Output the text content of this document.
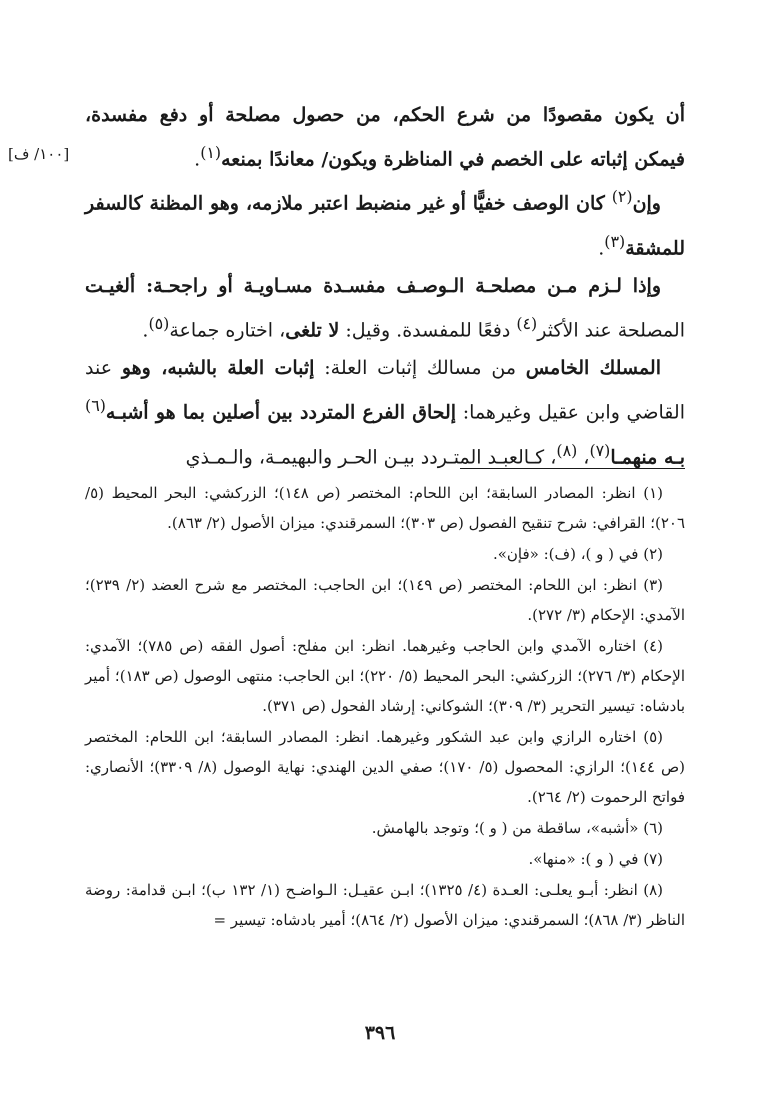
[١٠٠/ ف]

أن يكون مقصودًا من شرع الحكم، من حصول مصلحة أو دفع مفسدة، فيمكن إثباته على الخصم في المناظرة ويكون/ معاندًا بمنعه$^{(١)}$.

وإن$^{(٢)}$ كان الوصف خفيًّا أو غير منضبط اعتبر ملازمه، وهو المظنة كالسفر للمشقة$^{(٣)}$.

وإذا لـزم مـن مصلحـة الـوصـف مفسـدة مسـاويـة أو راجحـة: ألغيـت المصلحة عند الأكثر$^{(٤)}$ دفعًا للمفسدة. وقيل: لا تلغى، اختاره جماعة$^{(٥)}$.

المسلك الخامس من مسالك إثبات العلة: إثبات العلة بالشبه، وهو عند القاضي وابن عقيل وغيرهما: إلحاق الفرع المتردد بين أصلين بما هو أشبـه$^{(٦)}$ بـه منهمـا$^{(٧)}$، $^{(٨)}$، كـالعبـد المتـردد بيـن الحـر والبهيمـة، والـمـذي

(١) انظر: المصادر السابقة؛ ابن اللحام: المختصر (ص ١٤٨)؛ الزركشي: البحر المحيط (٥/ ٢٠٦)؛ القرافي: شرح تنقيح الفصول (ص ٣٠٣)؛ السمرقندي: ميزان الأصول (٢/ ٨٦٣).

(٢) في ( و )، (ف): «فإن».

(٣) انظر: ابن اللحام: المختصر (ص ١٤٩)؛ ابن الحاجب: المختصر مع شرح العضد (٢/ ٢٣٩)؛ الآمدي: الإحكام (٣/ ٢٧٢).

(٤) اختاره الآمدي وابن الحاجب وغيرهما. انظر: ابن مفلح: أصول الفقه (ص ٧٨٥)؛ الآمدي: الإحكام (٣/ ٢٧٦)؛ الزركشي: البحر المحيط (٥/ ٢٢٠)؛ ابن الحاجب: منتهى الوصول (ص ١٨٣)؛ أمير بادشاه: تيسير التحرير (٣/ ٣٠٩)؛ الشوكاني: إرشاد الفحول (ص ٣٧١).

(٥) اختاره الرازي وابن عبد الشكور وغيرهما. انظر: المصادر السابقة؛ ابن اللحام: المختصر (ص ١٤٤)؛ الرازي: المحصول (٥/ ١٧٠)؛ صفي الدين الهندي: نهاية الوصول (٨/ ٣٣٠٩)؛ الأنصاري: فواتح الرحموت (٢/ ٢٦٤).

(٦) «أشبه»، ساقطة من ( و )؛ وتوجد بالهامش.

(٧) في ( و ): «منها».

(٨) انظر: أبـو يعلـى: العـدة (٤/ ١٣٢٥)؛ ابـن عقيـل: الـواضـح (١/ ١٣٢ ب)؛ ابـن قدامة: روضة الناظر (٣/ ٨٦٨)؛ السمرقندي: ميزان الأصول (٢/ ٨٦٤)؛ أمير بادشاه: تيسير =

٣٩٦
